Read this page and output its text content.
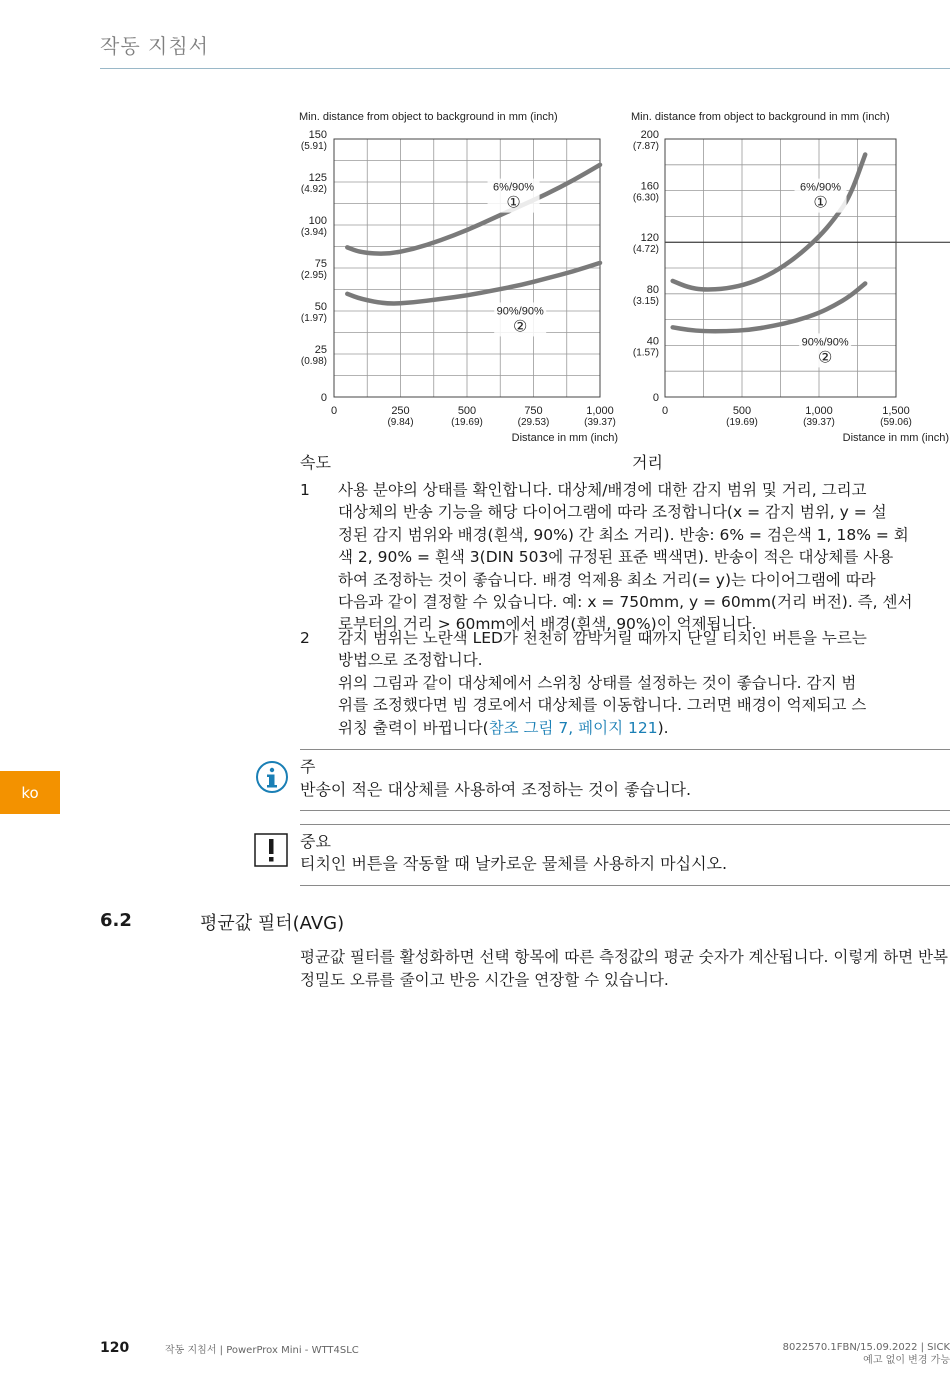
작동 지침서
Min. distance from object to background in mm (inch)
0
25
(0.98)
50
(1.97)
75
(2.95)
100
(3.94)
125
(4.92)
150
(5.91)
0	250
(9.84)
500
(19.69)
750
(29.53)
1,000
(39.37)
Distance in mm (inch)
6%/90%
①
90%/90%
②
Min. distance from object to background in mm (inch)
0
40
(1.57)
80
(3.15)
120
(4.72)
160
(6.30)
200
(7.87)
0	500
(19.69)
1,000
(39.37)
1,500
(59.06)
Distance in mm (inch)
6%/90%
①
90%/90%
②
속도	거리
1 사용 분야의 상태를 확인합니다. 대상체/배경에 대한 감지 범위 및 거리, 그리고
대상체의 반송 기능을 해당 다이어그램에 따라 조정합니다(x = 감지 범위, y = 설
정된 감지 범위와 배경(흰색, 90%) 간 최소 거리). 반송: 6% = 검은색 1, 18% = 회
색 2, 90% = 흰색 3(DIN 503에 규정된 표준 백색면). 반송이 적은 대상체를 사용
하여 조정하는 것이 좋습니다. 배경 억제용 최소 거리(= y)는 다이어그램에 따라
다음과 같이 결정할 수 있습니다. 예: x = 750mm, y = 60mm(거리 버전). 즉, 센서
로부터의 거리 > 60mm에서 배경(흰색, 90%)이 억제됩니다.
2 감지 범위는 노란색 LED가 천천히 깜박거릴 때까지 단일 티치인 버튼을 누르는
방법으로 조정합니다.
위의 그림과 같이 대상체에서 스위칭 상태를 설정하는 것이 좋습니다. 감지 범
위를 조정했다면 빔 경로에서 대상체를 이동합니다. 그러면 배경이 억제되고 스
위칭 출력이 바뀝니다(참조 그림 7, 페이지 121).
주
반송이 적은 대상체를 사용하여 조정하는 것이 좋습니다.
ko
중요
티치인 버튼을 작동할 때 날카로운 물체를 사용하지 마십시오.
6.2	평균값 필터(AVG)
평균값 필터를 활성화하면 선택 항목에 따른 측정값의 평균 숫자가 계산됩니다. 이렇게 하면 반복 정밀도 오류를 줄이고 반응 시간을 연장할 수 있습니다.
120	작동 지침서 | PowerProx Mini - WTT4SLC	8022570.1FBN/15.09.2022 | SICK
예고 없이 변경 가능
